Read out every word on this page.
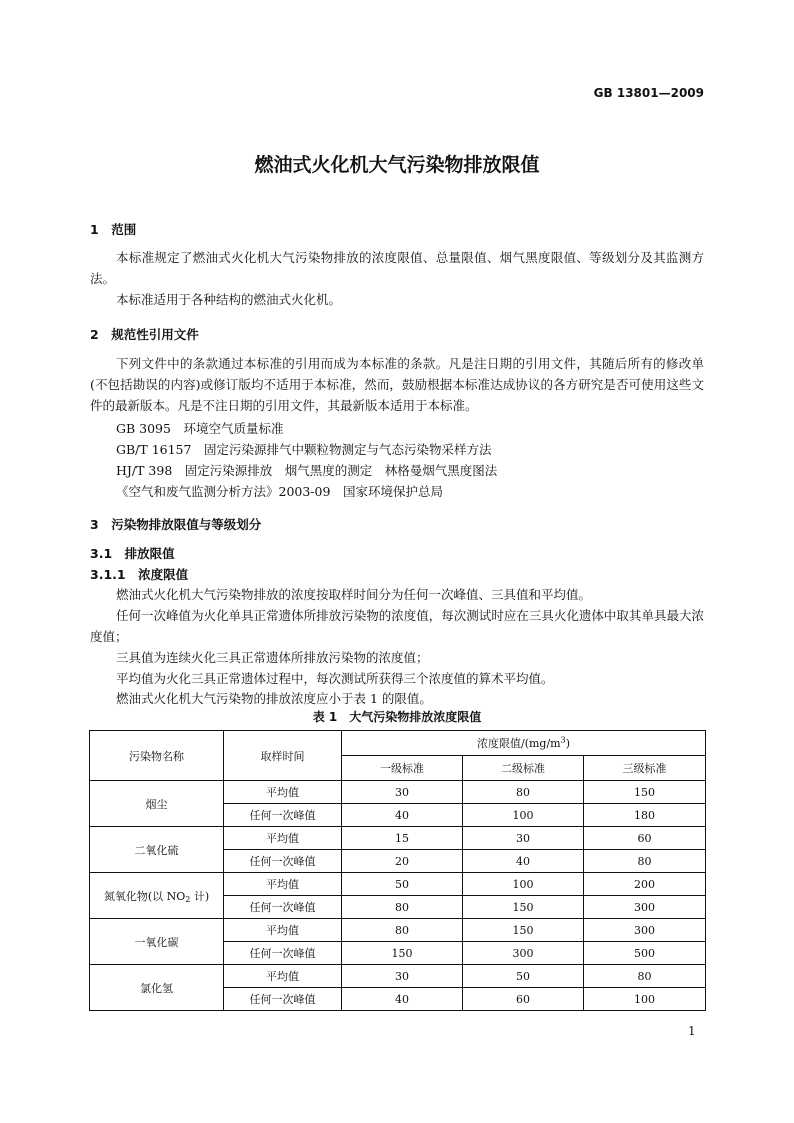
GB 13801—2009
燃油式火化机大气污染物排放限值
1　范围
本标准规定了燃油式火化机大气污染物排放的浓度限值、总量限值、烟气黑度限值、等级划分及其监测方法。
本标准适用于各种结构的燃油式火化机。
2　规范性引用文件
下列文件中的条款通过本标准的引用而成为本标准的条款。凡是注日期的引用文件，其随后所有的修改单(不包括勘误的内容)或修订版均不适用于本标准，然而，鼓励根据本标准达成协议的各方研究是否可使用这些文件的最新版本。凡是不注日期的引用文件，其最新版本适用于本标准。
GB 3095　环境空气质量标准
GB/T 16157　固定污染源排气中颗粒物测定与气态污染物采样方法
HJ/T 398　固定污染源排放　烟气黑度的测定　林格曼烟气黑度图法
《空气和废气监测分析方法》2003-09　国家环境保护总局
3　污染物排放限值与等级划分
3.1　排放限值
3.1.1　浓度限值
燃油式火化机大气污染物排放的浓度按取样时间分为任何一次峰值、三具值和平均值。
任何一次峰值为火化单具正常遗体所排放污染物的浓度值，每次测试时应在三具火化遗体中取其单具最大浓度值；
三具值为连续火化三具正常遗体所排放污染物的浓度值；
平均值为火化三具正常遗体过程中，每次测试所获得三个浓度值的算术平均值。
燃油式火化机大气污染物的排放浓度应小于表 1 的限值。
表 1　大气污染物排放浓度限值
污染物名称	取样时间	浓度限值$/(mg/m^3)$		
		一级标准	二级标准	三级标准
烟尘	平均值	30	80	150
	任何一次峰值	40	100	180
二氧化硫	平均值	15	30	60
	任何一次峰值	20	40	80
氮氧化物(以 $NO_2$ 计)	平均值	50	100	200
	任何一次峰值	80	150	300
一氧化碳	平均值	80	150	300
	任何一次峰值	150	300	500
氯化氢	平均值	30	50	80
	任何一次峰值	40	60	100
1
